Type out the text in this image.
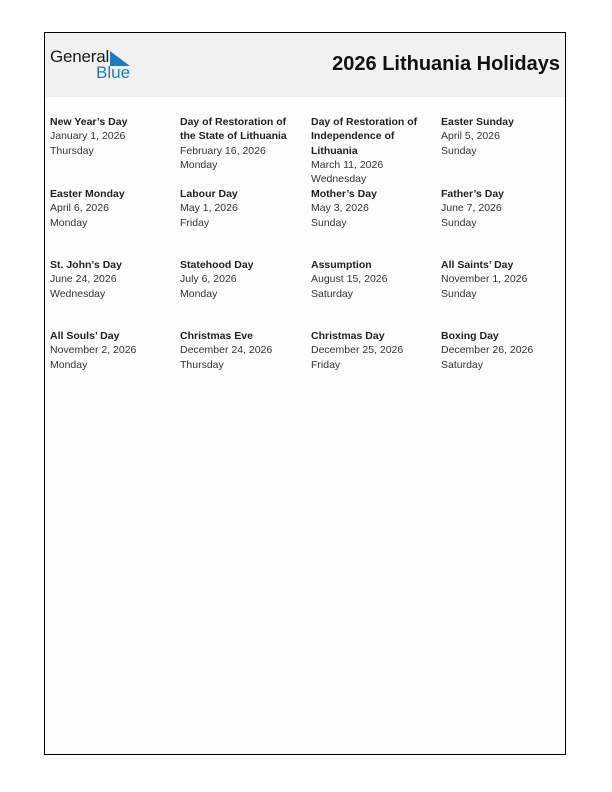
General
Blue	2026 Lithuania Holidays
New Year’s Day
January 1, 2026
Thursday
Day of Restoration of the State of Lithuania
February 16, 2026
Monday
Day of Restoration of Independence of Lithuania
March 11, 2026
Wednesday
Easter Sunday
April 5, 2026
Sunday
Easter Monday
April 6, 2026
Monday
Labour Day
May 1, 2026
Friday
Mother’s Day
May 3, 2026
Sunday
Father’s Day
June 7, 2026
Sunday
St. John’s Day
June 24, 2026
Wednesday
Statehood Day
July 6, 2026
Monday
Assumption
August 15, 2026
Saturday
All Saints’ Day
November 1, 2026
Sunday
All Souls’ Day
November 2, 2026
Monday
Christmas Eve
December 24, 2026
Thursday
Christmas Day
December 25, 2026
Friday
Boxing Day
December 26, 2026
Saturday
